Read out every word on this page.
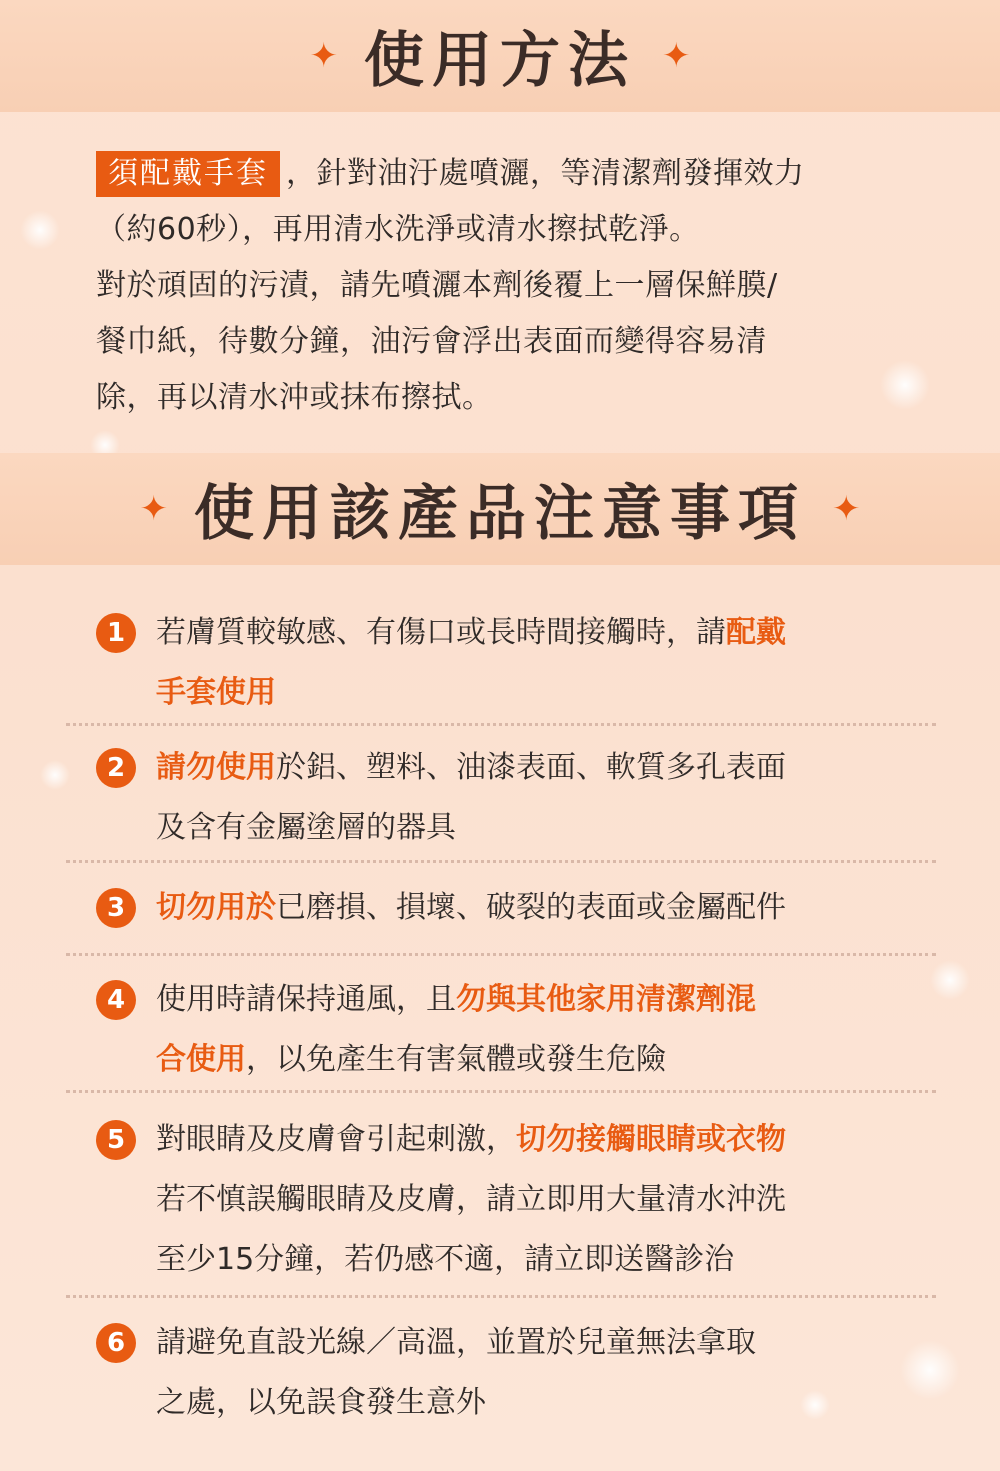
✦ 使用方法 ✦
須配戴手套 ，針對油汙處噴灑，等清潔劑發揮效力
（約60秒），再用清水洗淨或清水擦拭乾淨。
對於頑固的污漬，請先噴灑本劑後覆上一層保鮮膜/
餐巾紙，待數分鐘，油污會浮出表面而變得容易清
除，再以清水沖或抹布擦拭。
✦ 使用該產品注意事項 ✦
1	若膚質較敏感、有傷口或長時間接觸時，請配戴
手套使用
2	請勿使用於鋁、塑料、油漆表面、軟質多孔表面
及含有金屬塗層的器具
3	切勿用於已磨損、損壞、破裂的表面或金屬配件
4	使用時請保持通風，且勿與其他家用清潔劑混
合使用，以免產生有害氣體或發生危險
5	對眼睛及皮膚會引起刺激，切勿接觸眼睛或衣物
若不慎誤觸眼睛及皮膚，請立即用大量清水沖洗
至少15分鐘，若仍感不適，請立即送醫診治
6	請避免直設光線／高溫，並置於兒童無法拿取
之處，以免誤食發生意外
